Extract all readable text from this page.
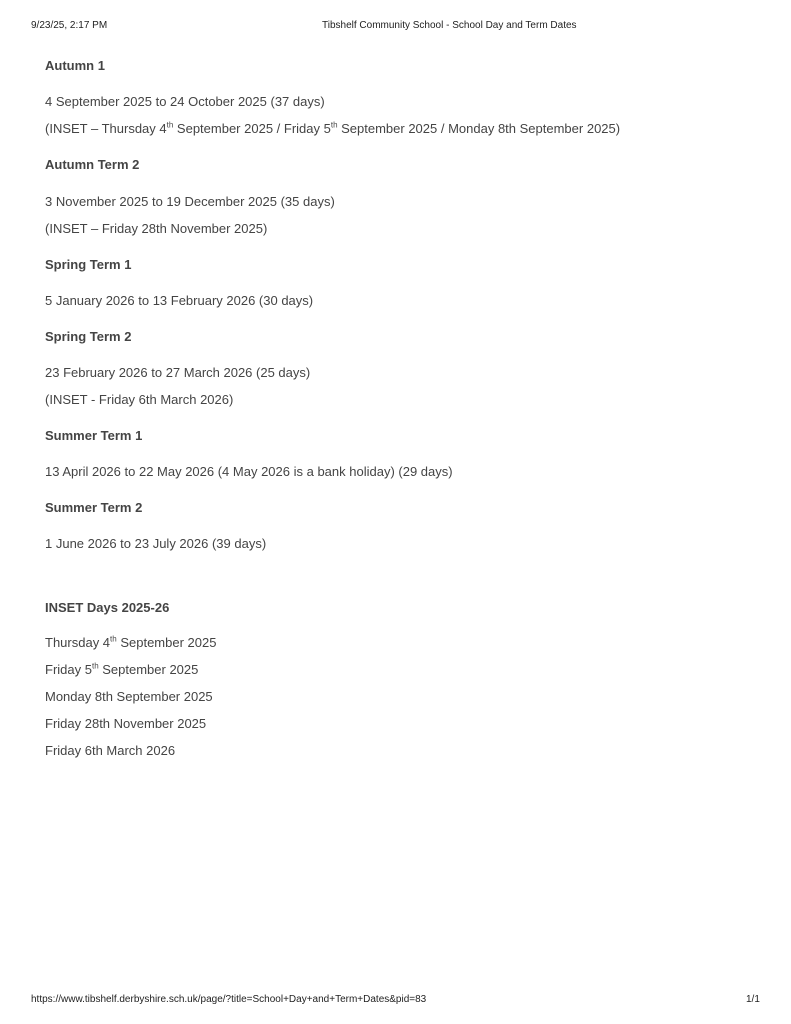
9/23/25, 2:17 PM	Tibshelf Community School - School Day and Term Dates
Autumn 1
4 September 2025 to 24 October 2025 (37 days)
(INSET – Thursday 4th September 2025 / Friday 5th September 2025 / Monday 8th September 2025)
Autumn Term 2
3 November 2025 to 19 December 2025 (35 days)
(INSET – Friday 28th November 2025)
Spring Term 1
5 January 2026 to 13 February 2026 (30 days)
Spring Term 2
23 February 2026 to 27 March 2026 (25 days)
(INSET - Friday 6th March 2026)
Summer Term 1
13 April 2026 to 22 May 2026 (4 May 2026 is a bank holiday) (29 days)
Summer Term 2
1 June 2026 to 23 July 2026 (39 days)
INSET Days 2025-26
Thursday 4th September 2025
Friday 5th September 2025
Monday 8th September 2025
Friday 28th November 2025
Friday 6th March 2026
https://www.tibshelf.derbyshire.sch.uk/page/?title=School+Day+and+Term+Dates&pid=83	1/1
